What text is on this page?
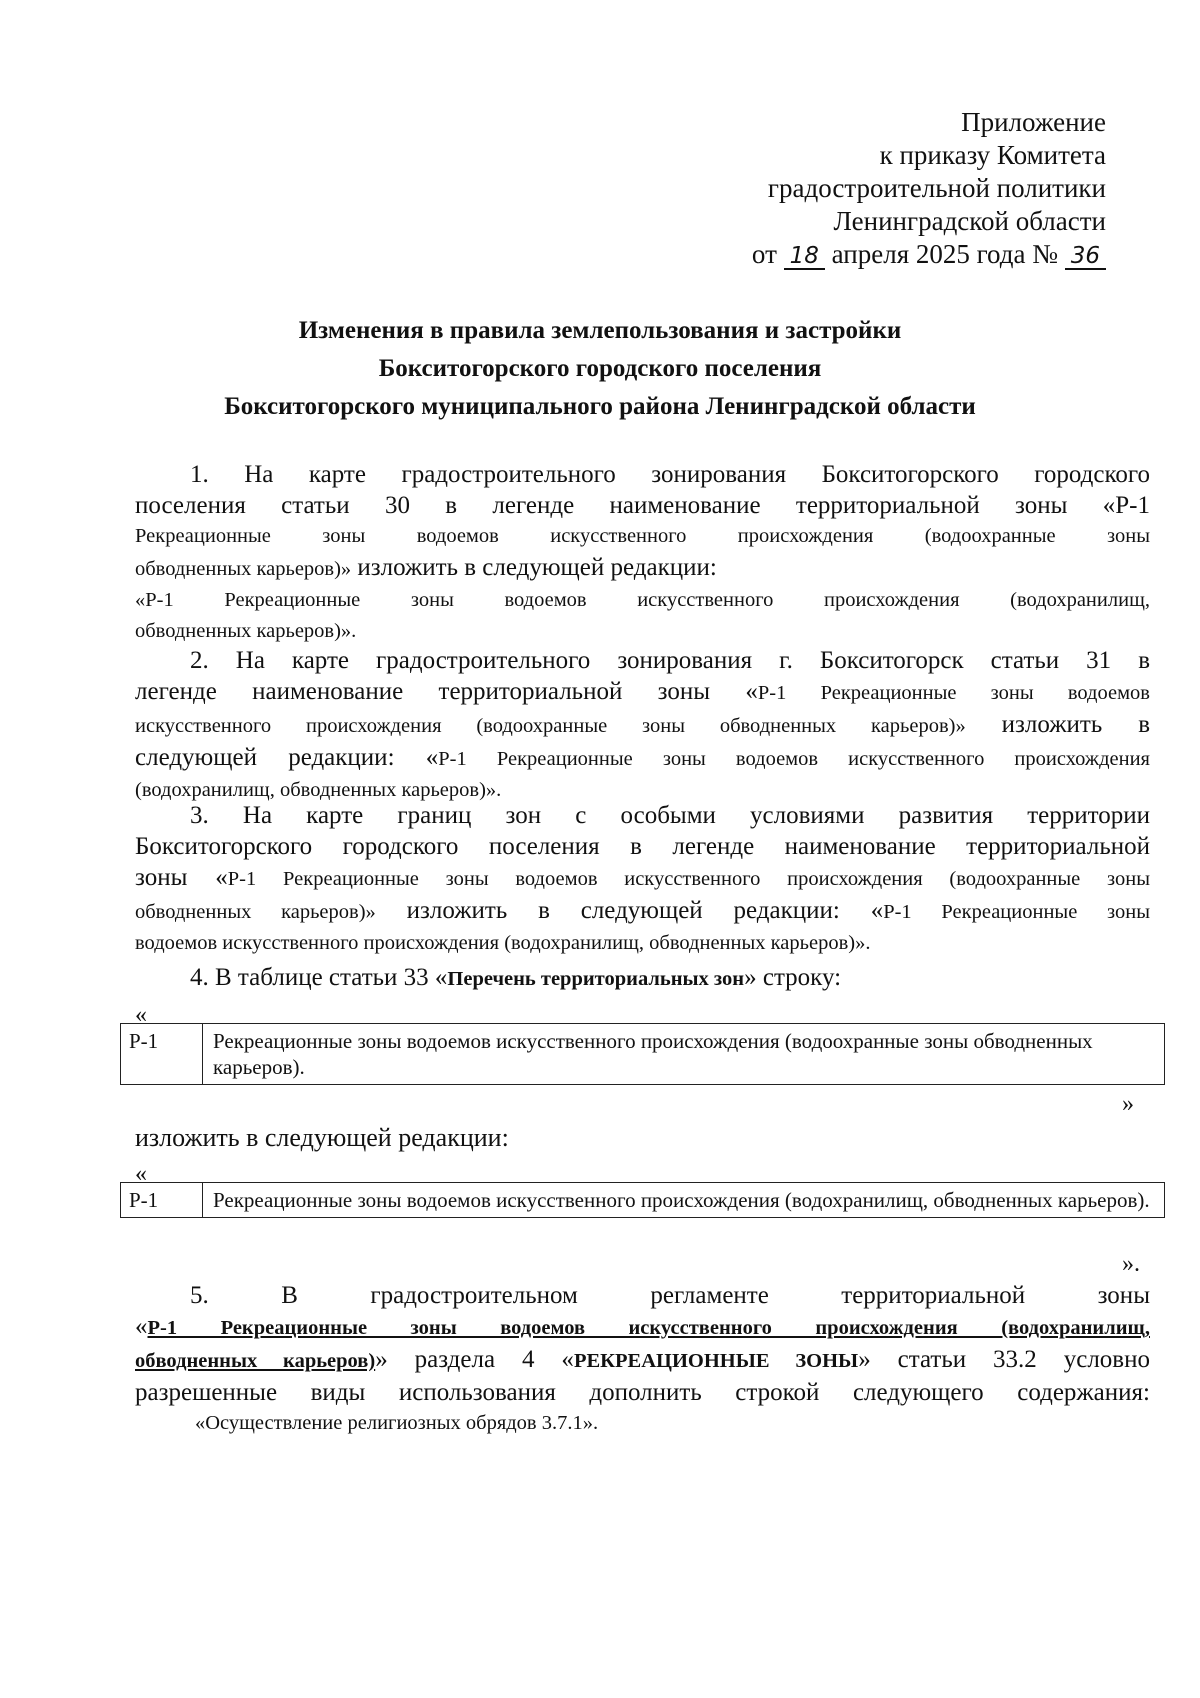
Приложение
к приказу Комитета
градостроительной политики
Ленинградской области
от 18 апреля 2025 года № 36
Изменения в правила землепользования и застройки
Бокситогорского городского поселения
Бокситогорского муниципального района Ленинградской области
1. На карте градостроительного зонирования Бокситогорского городского
поселения статьи 30 в легенде наименование территориальной зоны «Р-1
Рекреационные зоны водоемов искусственного происхождения (водоохранные зоны
обводненных карьеров)» изложить в следующей редакции:
«Р-1 Рекреационные зоны водоемов искусственного происхождения (водохранилищ,
обводненных карьеров)».
2. На карте градостроительного зонирования г. Бокситогорск статьи 31 в
легенде наименование территориальной зоны «Р-1 Рекреационные зоны водоемов
искусственного происхождения (водоохранные зоны обводненных карьеров)» изложить в
следующей редакции: «Р-1 Рекреационные зоны водоемов искусственного происхождения
(водохранилищ, обводненных карьеров)».
3. На карте границ зон с особыми условиями развития территории
Бокситогорского городского поселения в легенде наименование территориальной
зоны «Р-1 Рекреационные зоны водоемов искусственного происхождения (водоохранные зоны
обводненных карьеров)» изложить в следующей редакции: «Р-1 Рекреационные зоны
водоемов искусственного происхождения (водохранилищ, обводненных карьеров)».
4. В таблице статьи 33 «Перечень территориальных зон» строку:
«
Р-1	Рекреационные зоны водоемов искусственного происхождения (водоохранные зоны обводненных карьеров).
»
изложить в следующей редакции:
«
Р-1	Рекреационные зоны водоемов искусственного происхождения (водохранилищ, обводненных карьеров).
».
5. В градостроительном регламенте территориальной зоны
«Р-1 Рекреационные зоны водоемов искусственного происхождения (водохранилищ,
обводненных карьеров)» раздела 4 «РЕКРЕАЦИОННЫЕ ЗОНЫ» статьи 33.2 условно
разрешенные виды использования дополнить строкой следующего содержания:
«Осуществление религиозных обрядов 3.7.1».
